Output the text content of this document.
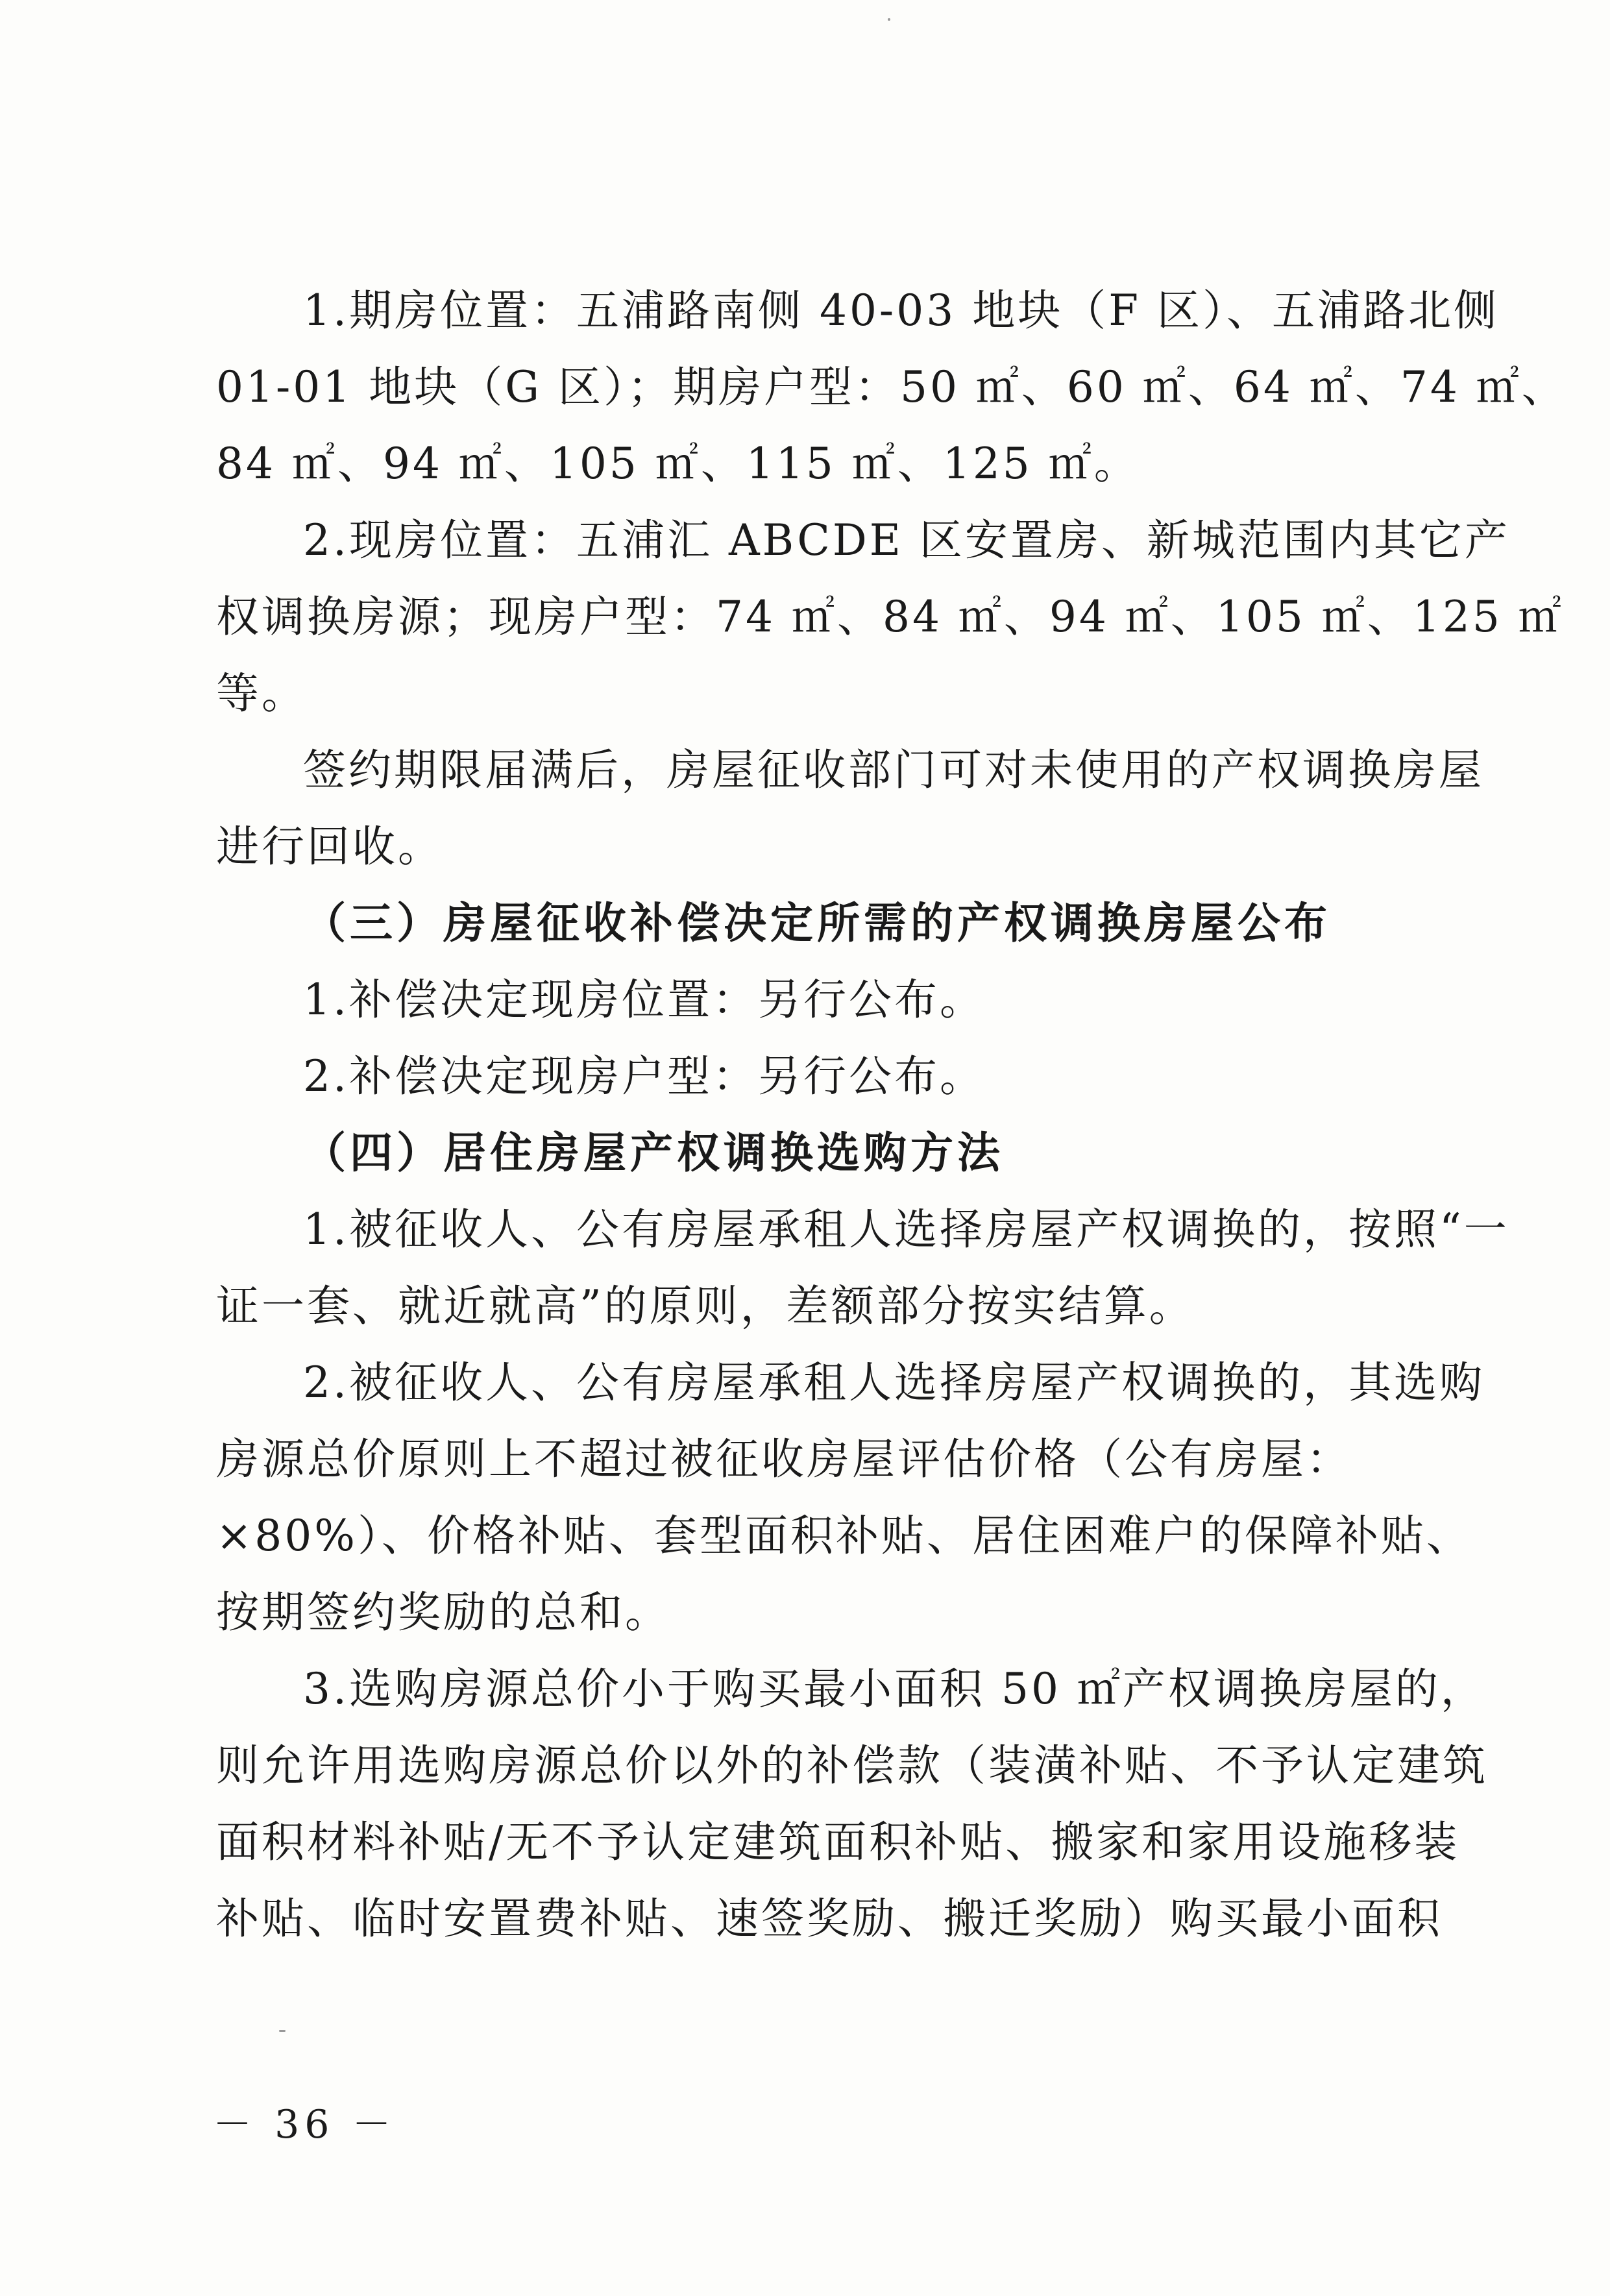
1.期房位置：五浦路南侧 40-03 地块（F 区）、五浦路北侧
01-01 地块（G 区）；期房户型：50 ㎡、60 ㎡、64 ㎡、74 ㎡、
84 ㎡、94 ㎡、105 ㎡、115 ㎡、125 ㎡。
2.现房位置：五浦汇 ABCDE 区安置房、新城范围内其它产
权调换房源；现房户型：74 ㎡、84 ㎡、94 ㎡、105 ㎡、125 ㎡
等。
签约期限届满后，房屋征收部门可对未使用的产权调换房屋
进行回收。
（三）房屋征收补偿决定所需的产权调换房屋公布
1.补偿决定现房位置：另行公布。
2.补偿决定现房户型：另行公布。
（四）居住房屋产权调换选购方法
1.被征收人、公有房屋承租人选择房屋产权调换的，按照“一
证一套、就近就高”的原则，差额部分按实结算。
2.被征收人、公有房屋承租人选择房屋产权调换的，其选购
房源总价原则上不超过被征收房屋评估价格（公有房屋：
×80%）、价格补贴、套型面积补贴、居住困难户的保障补贴、
按期签约奖励的总和。
3.选购房源总价小于购买最小面积 50 ㎡产权调换房屋的，
则允许用选购房源总价以外的补偿款（装潢补贴、不予认定建筑
面积材料补贴/无不予认定建筑面积补贴、搬家和家用设施移装
补贴、临时安置费补贴、速签奖励、搬迁奖励）购买最小面积
－ 36 －
